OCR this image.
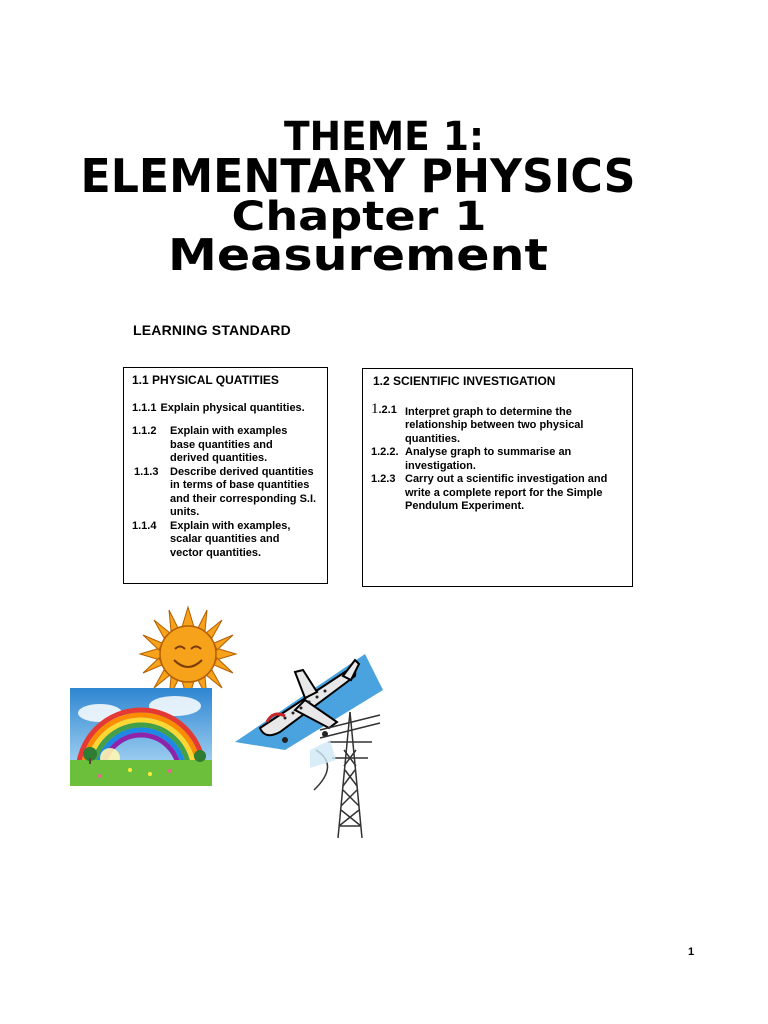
THEME 1:
ELEMENTARY PHYSICS
Chapter 1
Measurement
LEARNING STANDARD
1.1 PHYSICAL QUATITIES
1.1.1 Explain physical quantities.
1.1.2	Explain with examples base quantities and derived quantities.
1.1.3	Describe derived quantities in terms of base quantities and their corresponding S.I. units.
1.1.4	Explain with examples, scalar quantities and vector quantities.
1.2 SCIENTIFIC INVESTIGATION
1.2.1 Interpret graph to determine the relationship between two physical quantities.
1.2.2. Analyse graph to summarise an investigation.
1.2.3 Carry out a scientific investigation and write a complete report for the Simple Pendulum Experiment.
1
